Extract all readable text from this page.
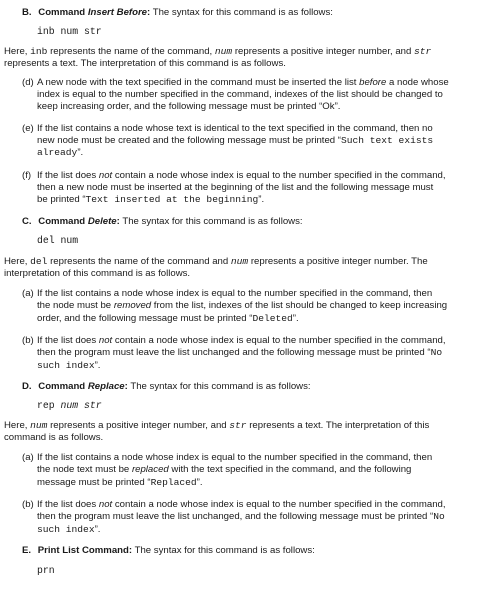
B. Command Insert Before: The syntax for this command is as follows:
inb num str
Here, inb represents the name of the command, num represents a positive integer number, and str
represents a text. The interpretation of this command is as follows.
(d) A new node with the text specified in the command must be inserted the list before a node whose
index is equal to the number specified in the command, indexes of the list should be changed to
keep increasing order, and the following message must be printed “Ok”.
(e) If the list contains a node whose text is identical to the text specified in the command, then no
new node must be created and the following message must be printed “Such text exists
already”.
(f) If the list does not contain a node whose index is equal to the number specified in the command,
then a new node must be inserted at the beginning of the list and the following message must
be printed “Text inserted at the beginning”.
C. Command Delete: The syntax for this command is as follows:
del num
Here, del represents the name of the command and num represents a positive integer number. The
interpretation of this command is as follows.
(a) If the list contains a node whose index is equal to the number specified in the command, then
the node must be removed from the list, indexes of the list should be changed to keep increasing
order, and the following message must be printed “Deleted”.
(b) If the list does not contain a node whose index is equal to the number specified in the command,
then the program must leave the list unchanged and the following message must be printed “No
such index”.
D. Command Replace: The syntax for this command is as follows:
rep num str
Here, num represents a positive integer number, and str represents a text. The interpretation of this
command is as follows.
(a) If the list contains a node whose index is equal to the number specified in the command, then
the node text must be replaced with the text specified in the command, and the following
message must be printed “Replaced”.
(b) If the list does not contain a node whose index is equal to the number specified in the command,
then the program must leave the list unchanged, and the following message must be printed “No
such index”.
E. Print List Command: The syntax for this command is as follows:
prn
